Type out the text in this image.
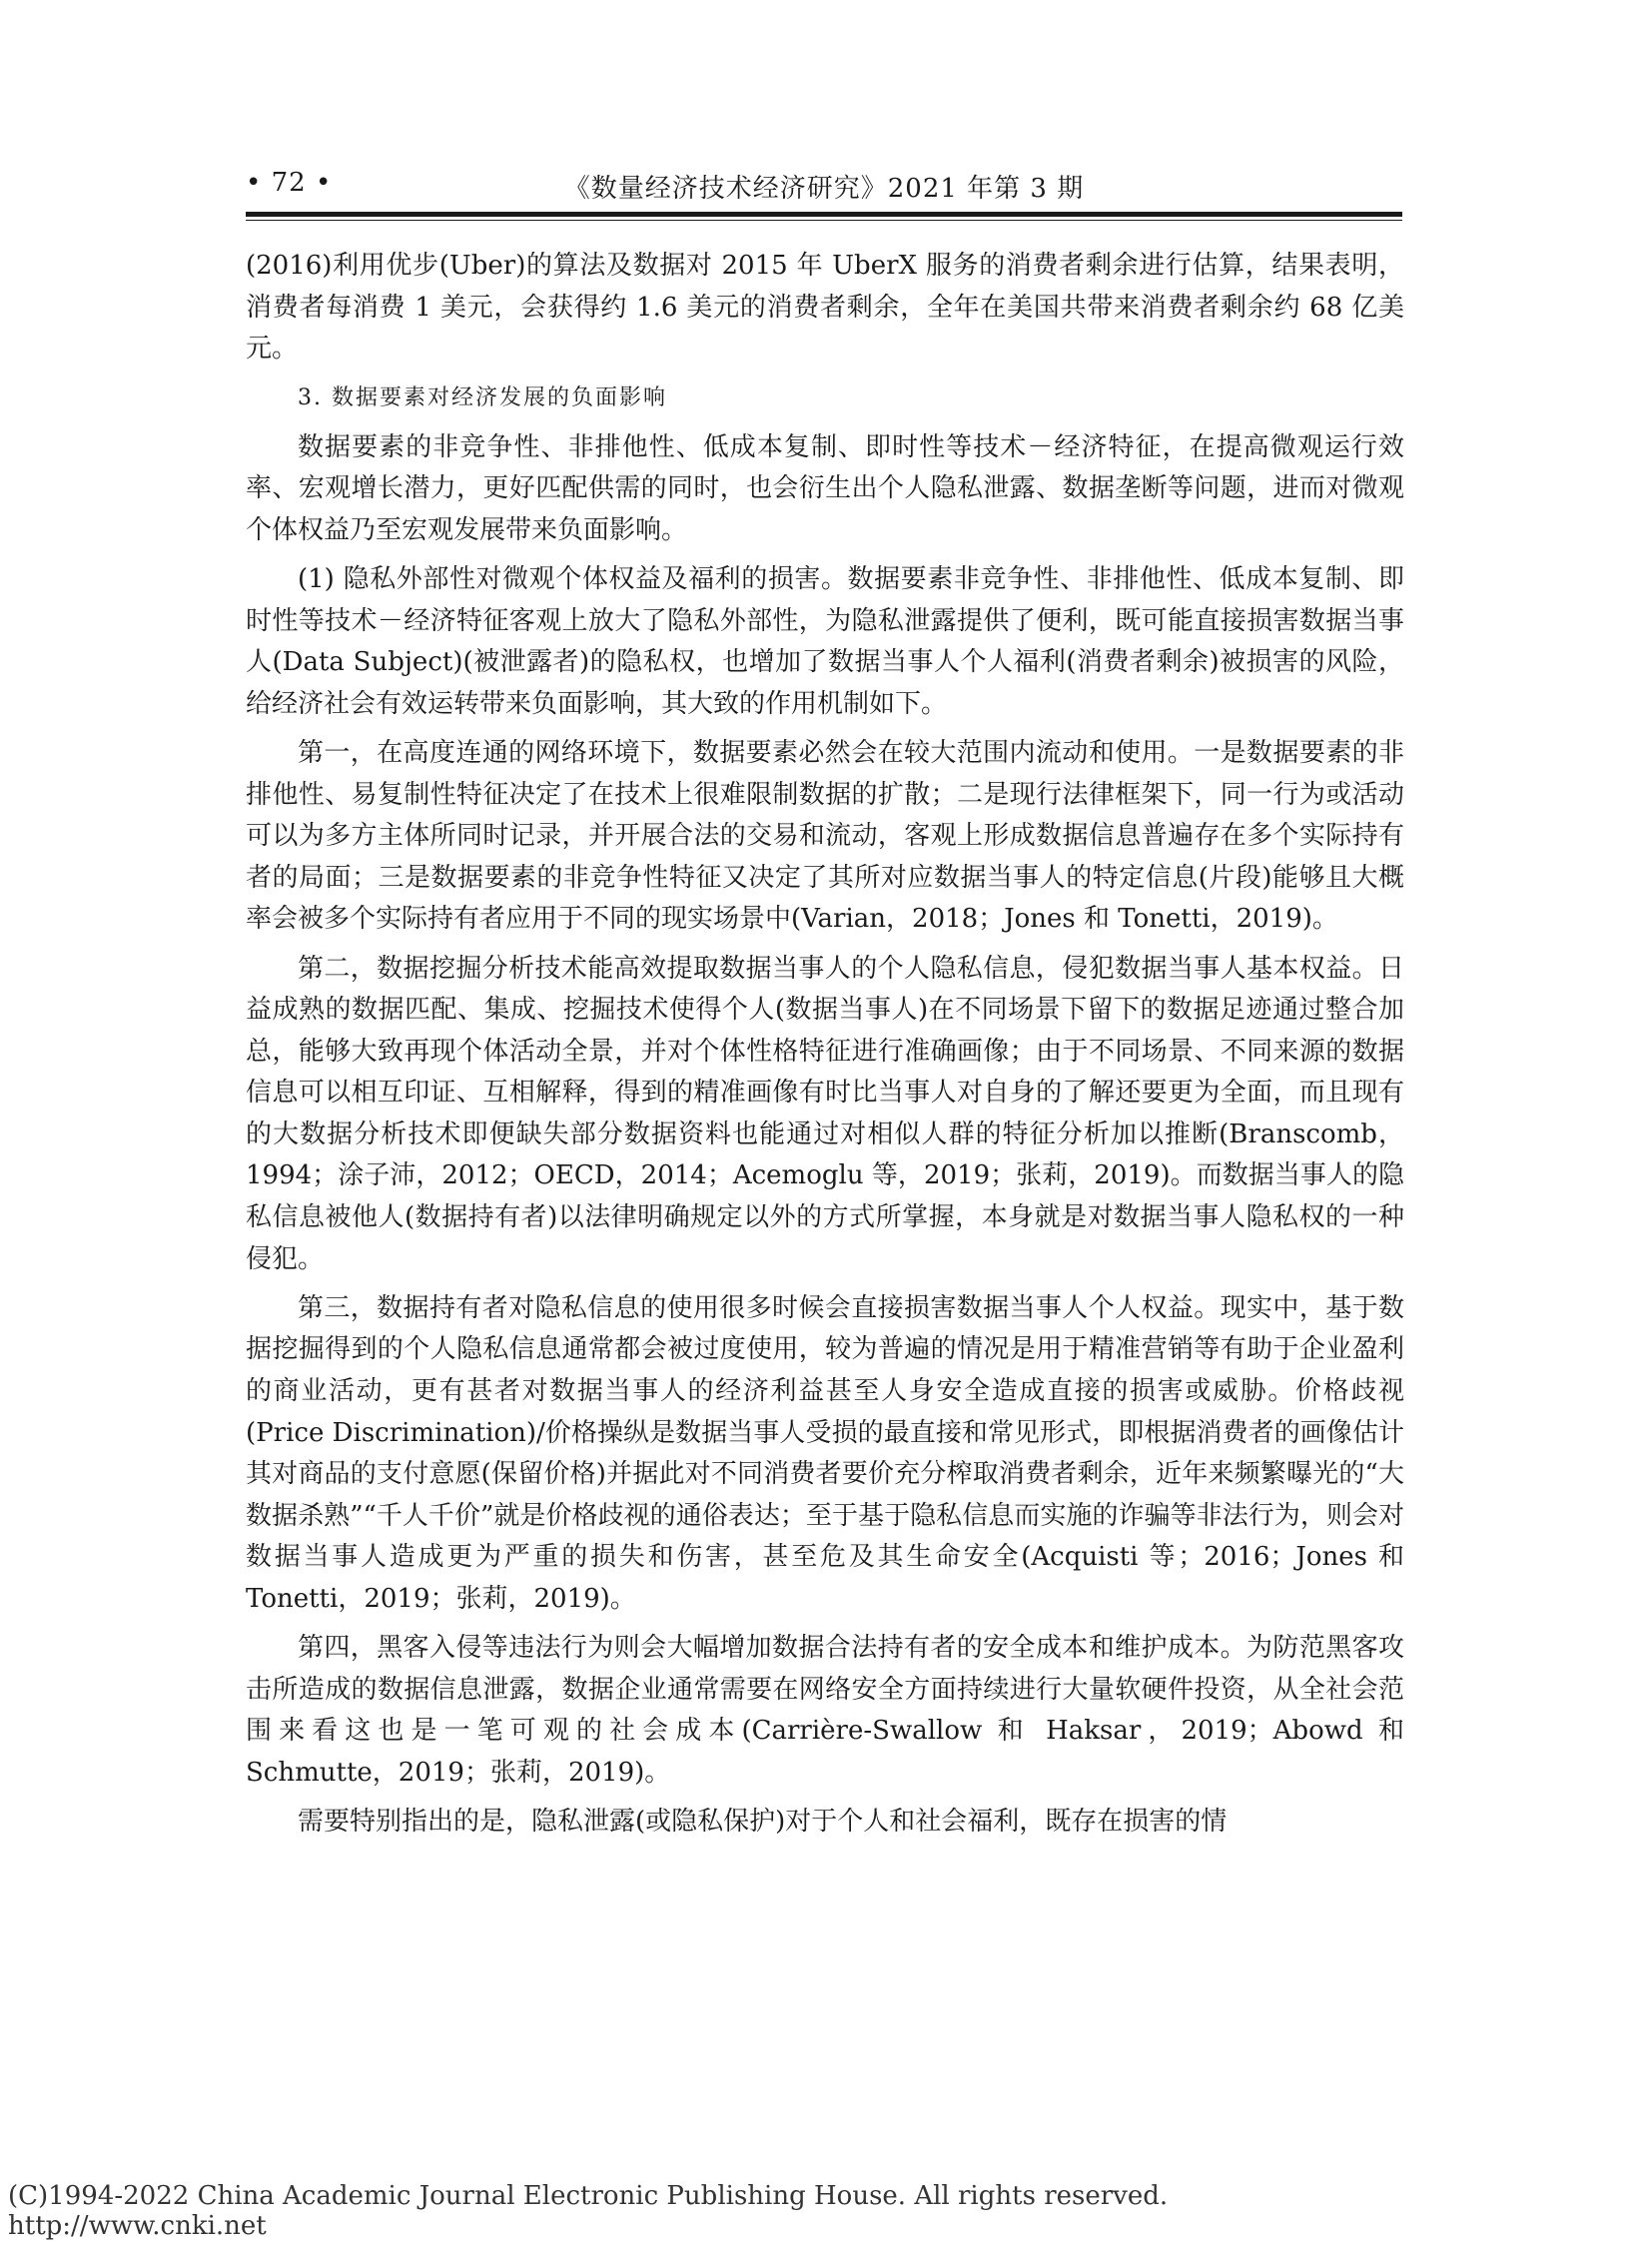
• 72 •	《数量经济技术经济研究》2021 年第 3 期

(2016)利用优步(Uber)的算法及数据对 2015 年 UberX 服务的消费者剩余进行估算，结果表明，消费者每消费 1 美元，会获得约 1.6 美元的消费者剩余，全年在美国共带来消费者剩余约 68 亿美元。

3. 数据要素对经济发展的负面影响

数据要素的非竞争性、非排他性、低成本复制、即时性等技术－经济特征，在提高微观运行效率、宏观增长潜力，更好匹配供需的同时，也会衍生出个人隐私泄露、数据垄断等问题，进而对微观个体权益乃至宏观发展带来负面影响。

(1) 隐私外部性对微观个体权益及福利的损害。数据要素非竞争性、非排他性、低成本复制、即时性等技术－经济特征客观上放大了隐私外部性，为隐私泄露提供了便利，既可能直接损害数据当事人(Data Subject)(被泄露者)的隐私权，也增加了数据当事人个人福利(消费者剩余)被损害的风险，给经济社会有效运转带来负面影响，其大致的作用机制如下。

第一，在高度连通的网络环境下，数据要素必然会在较大范围内流动和使用。一是数据要素的非排他性、易复制性特征决定了在技术上很难限制数据的扩散；二是现行法律框架下，同一行为或活动可以为多方主体所同时记录，并开展合法的交易和流动，客观上形成数据信息普遍存在多个实际持有者的局面；三是数据要素的非竞争性特征又决定了其所对应数据当事人的特定信息(片段)能够且大概率会被多个实际持有者应用于不同的现实场景中(Varian，2018；Jones 和 Tonetti，2019)。

第二，数据挖掘分析技术能高效提取数据当事人的个人隐私信息，侵犯数据当事人基本权益。日益成熟的数据匹配、集成、挖掘技术使得个人(数据当事人)在不同场景下留下的数据足迹通过整合加总，能够大致再现个体活动全景，并对个体性格特征进行准确画像；由于不同场景、不同来源的数据信息可以相互印证、互相解释，得到的精准画像有时比当事人对自身的了解还要更为全面，而且现有的大数据分析技术即便缺失部分数据资料也能通过对相似人群的特征分析加以推断(Branscomb，1994；涂子沛，2012；OECD，2014；Acemoglu 等，2019；张莉，2019)。而数据当事人的隐私信息被他人(数据持有者)以法律明确规定以外的方式所掌握，本身就是对数据当事人隐私权的一种侵犯。

第三，数据持有者对隐私信息的使用很多时候会直接损害数据当事人个人权益。现实中，基于数据挖掘得到的个人隐私信息通常都会被过度使用，较为普遍的情况是用于精准营销等有助于企业盈利的商业活动，更有甚者对数据当事人的经济利益甚至人身安全造成直接的损害或威胁。价格歧视(Price Discrimination)/价格操纵是数据当事人受损的最直接和常见形式，即根据消费者的画像估计其对商品的支付意愿(保留价格)并据此对不同消费者要价充分榨取消费者剩余，近年来频繁曝光的“大数据杀熟”“千人千价”就是价格歧视的通俗表达；至于基于隐私信息而实施的诈骗等非法行为，则会对数据当事人造成更为严重的损失和伤害，甚至危及其生命安全(Acquisti 等；2016；Jones 和 Tonetti，2019；张莉，2019)。

第四，黑客入侵等违法行为则会大幅增加数据合法持有者的安全成本和维护成本。为防范黑客攻击所造成的数据信息泄露，数据企业通常需要在网络安全方面持续进行大量软硬件投资，从全社会范围来看这也是一笔可观的社会成本(Carrière-Swallow 和 Haksar，2019；Abowd 和 Schmutte，2019；张莉，2019)。

需要特别指出的是，隐私泄露(或隐私保护)对于个人和社会福利，既存在损害的情

(C)1994-2022 China Academic Journal Electronic Publishing House. All rights reserved. http://www.cnki.net
